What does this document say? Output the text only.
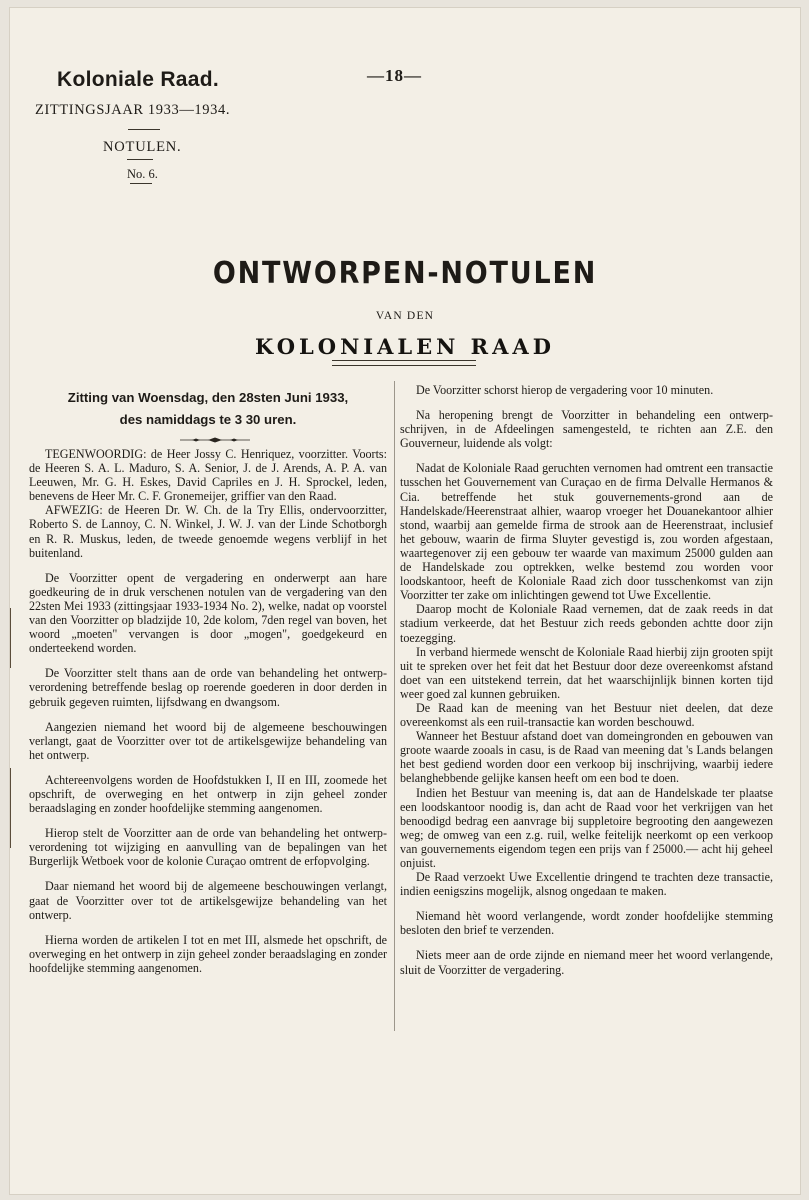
Koloniale Raad.	—18—
ZITTINGSJAAR 1933—1934.
NOTULEN.
No. 6.
ONTWORPEN-NOTULEN
VAN DEN
KOLONIALEN RAAD
Zitting van Woensdag, den 28sten Juni 1933,
des namiddags te 3 30 uren.

TEGENWOORDIG: de Heer Jossy C. Henriquez, voorzitter. Voorts: de Heeren S. A. L. Maduro, S. A. Senior, J. de J. Arends, A. P. A. van Leeuwen, Mr. G. H. Eskes, David Capriles en J. H. Sprockel, leden, benevens de Heer Mr. C. F. Gronemeijer, griffier van den Raad.

AFWEZIG: de Heeren Dr. W. Ch. de la Try Ellis, ondervoorzitter, Roberto S. de Lannoy, C. N. Winkel, J. W. J. van der Linde Schotborgh en R. R. Muskus, leden, de tweede genoemde wegens verblijf in het buitenland.

De Voorzitter opent de vergadering en onderwerpt aan hare goedkeuring de in druk verschenen notulen van de vergadering van den 22sten Mei 1933 (zittingsjaar 1933-1934 No. 2), welke, nadat op voorstel van den Voorzitter op bladzijde 10, 2de kolom, 7den regel van boven, het woord „moeten" vervangen is door „mogen", goedgekeurd en onderteekend worden.

De Voorzitter stelt thans aan de orde van behandeling het ontwerp-verordening betreffende beslag op roerende goederen in door derden in gebruik gegeven ruimten, lijfsdwang en dwangsom.

Aangezien niemand het woord bij de algemeene beschouwingen verlangt, gaat de Voorzitter over tot de artikelsgewijze behandeling van het ontwerp.

Achtereenvolgens worden de Hoofdstukken I, II en III, zoomede het opschrift, de overweging en het ontwerp in zijn geheel zonder beraadslaging en zonder hoofdelijke stemming aangenomen.

Hierop stelt de Voorzitter aan de orde van behandeling het ontwerp-verordening tot wijziging en aanvulling van de bepalingen van het Burgerlijk Wetboek voor de kolonie Curaçao omtrent de erfopvolging.

Daar niemand het woord bij de algemeene beschouwingen verlangt, gaat de Voorzitter over tot de artikelsgewijze behandeling van het ontwerp.

Hierna worden de artikelen I tot en met III, alsmede het opschrift, de overweging en het ontwerp in zijn geheel zonder beraadslaging en zonder hoofdelijke stemming aangenomen.

De Voorzitter schorst hierop de vergadering voor 10 minuten.

Na heropening brengt de Voorzitter in behandeling een ontwerp-schrijven, in de Afdeelingen samengesteld, te richten aan Z.E. den Gouverneur, luidende als volgt:

Nadat de Koloniale Raad geruchten vernomen had omtrent een transactie tusschen het Gouvernement van Curaçao en de firma Delvalle Hermanos & Cia. betreffende het stuk gouvernements-grond aan de Handelskade/Heerenstraat alhier, waarop vroeger het Douanekantoor alhier stond, waarbij aan gemelde firma de strook aan de Heerenstraat, inclusief het gebouw, waarin de firma Sluyter gevestigd is, zou worden afgestaan, waartegenover zij een gebouw ter waarde van maximum 25000 gulden aan de Handelskade zou optrekken, welke bestemd zou worden voor loodskantoor, heeft de Koloniale Raad zich door tusschenkomst van zijn Voorzitter ter zake om inlichtingen gewend tot Uwe Excellentie.

Daarop mocht de Koloniale Raad vernemen, dat de zaak reeds in dat stadium verkeerde, dat het Bestuur zich reeds gebonden achtte door zijn toezegging.

In verband hiermede wenscht de Koloniale Raad hierbij zijn grooten spijt uit te spreken over het feit dat het Bestuur door deze overeenkomst afstand doet van een uitstekend terrein, dat het waarschijnlijk binnen korten tijd weer goed zal kunnen gebruiken.

De Raad kan de meening van het Bestuur niet deelen, dat deze overeenkomst als een ruil-transactie kan worden beschouwd.

Wanneer het Bestuur afstand doet van domeingronden en gebouwen van groote waarde zooals in casu, is de Raad van meening dat 's Lands belangen het best gediend worden door een verkoop bij inschrijving, waarbij iedere belanghebbende gelijke kansen heeft om een bod te doen.

Indien het Bestuur van meening is, dat aan de Handelskade ter plaatse een loodskantoor noodig is, dan acht de Raad voor het verkrijgen van het benoodigd bedrag een aanvrage bij suppletoire begrooting den aangewezen weg; de omweg van een z.g. ruil, welke feitelijk neerkomt op een verkoop van gouvernements eigendom tegen een prijs van f 25000.— acht hij geheel onjuist.

De Raad verzoekt Uwe Excellentie dringend te trachten deze transactie, indien eenigszins mogelijk, alsnog ongedaan te maken.

Niemand hèt woord verlangende, wordt zonder hoofdelijke stemming besloten den brief te verzenden.

Niets meer aan de orde zijnde en niemand meer het woord verlangende, sluit de Voorzitter de vergadering.
